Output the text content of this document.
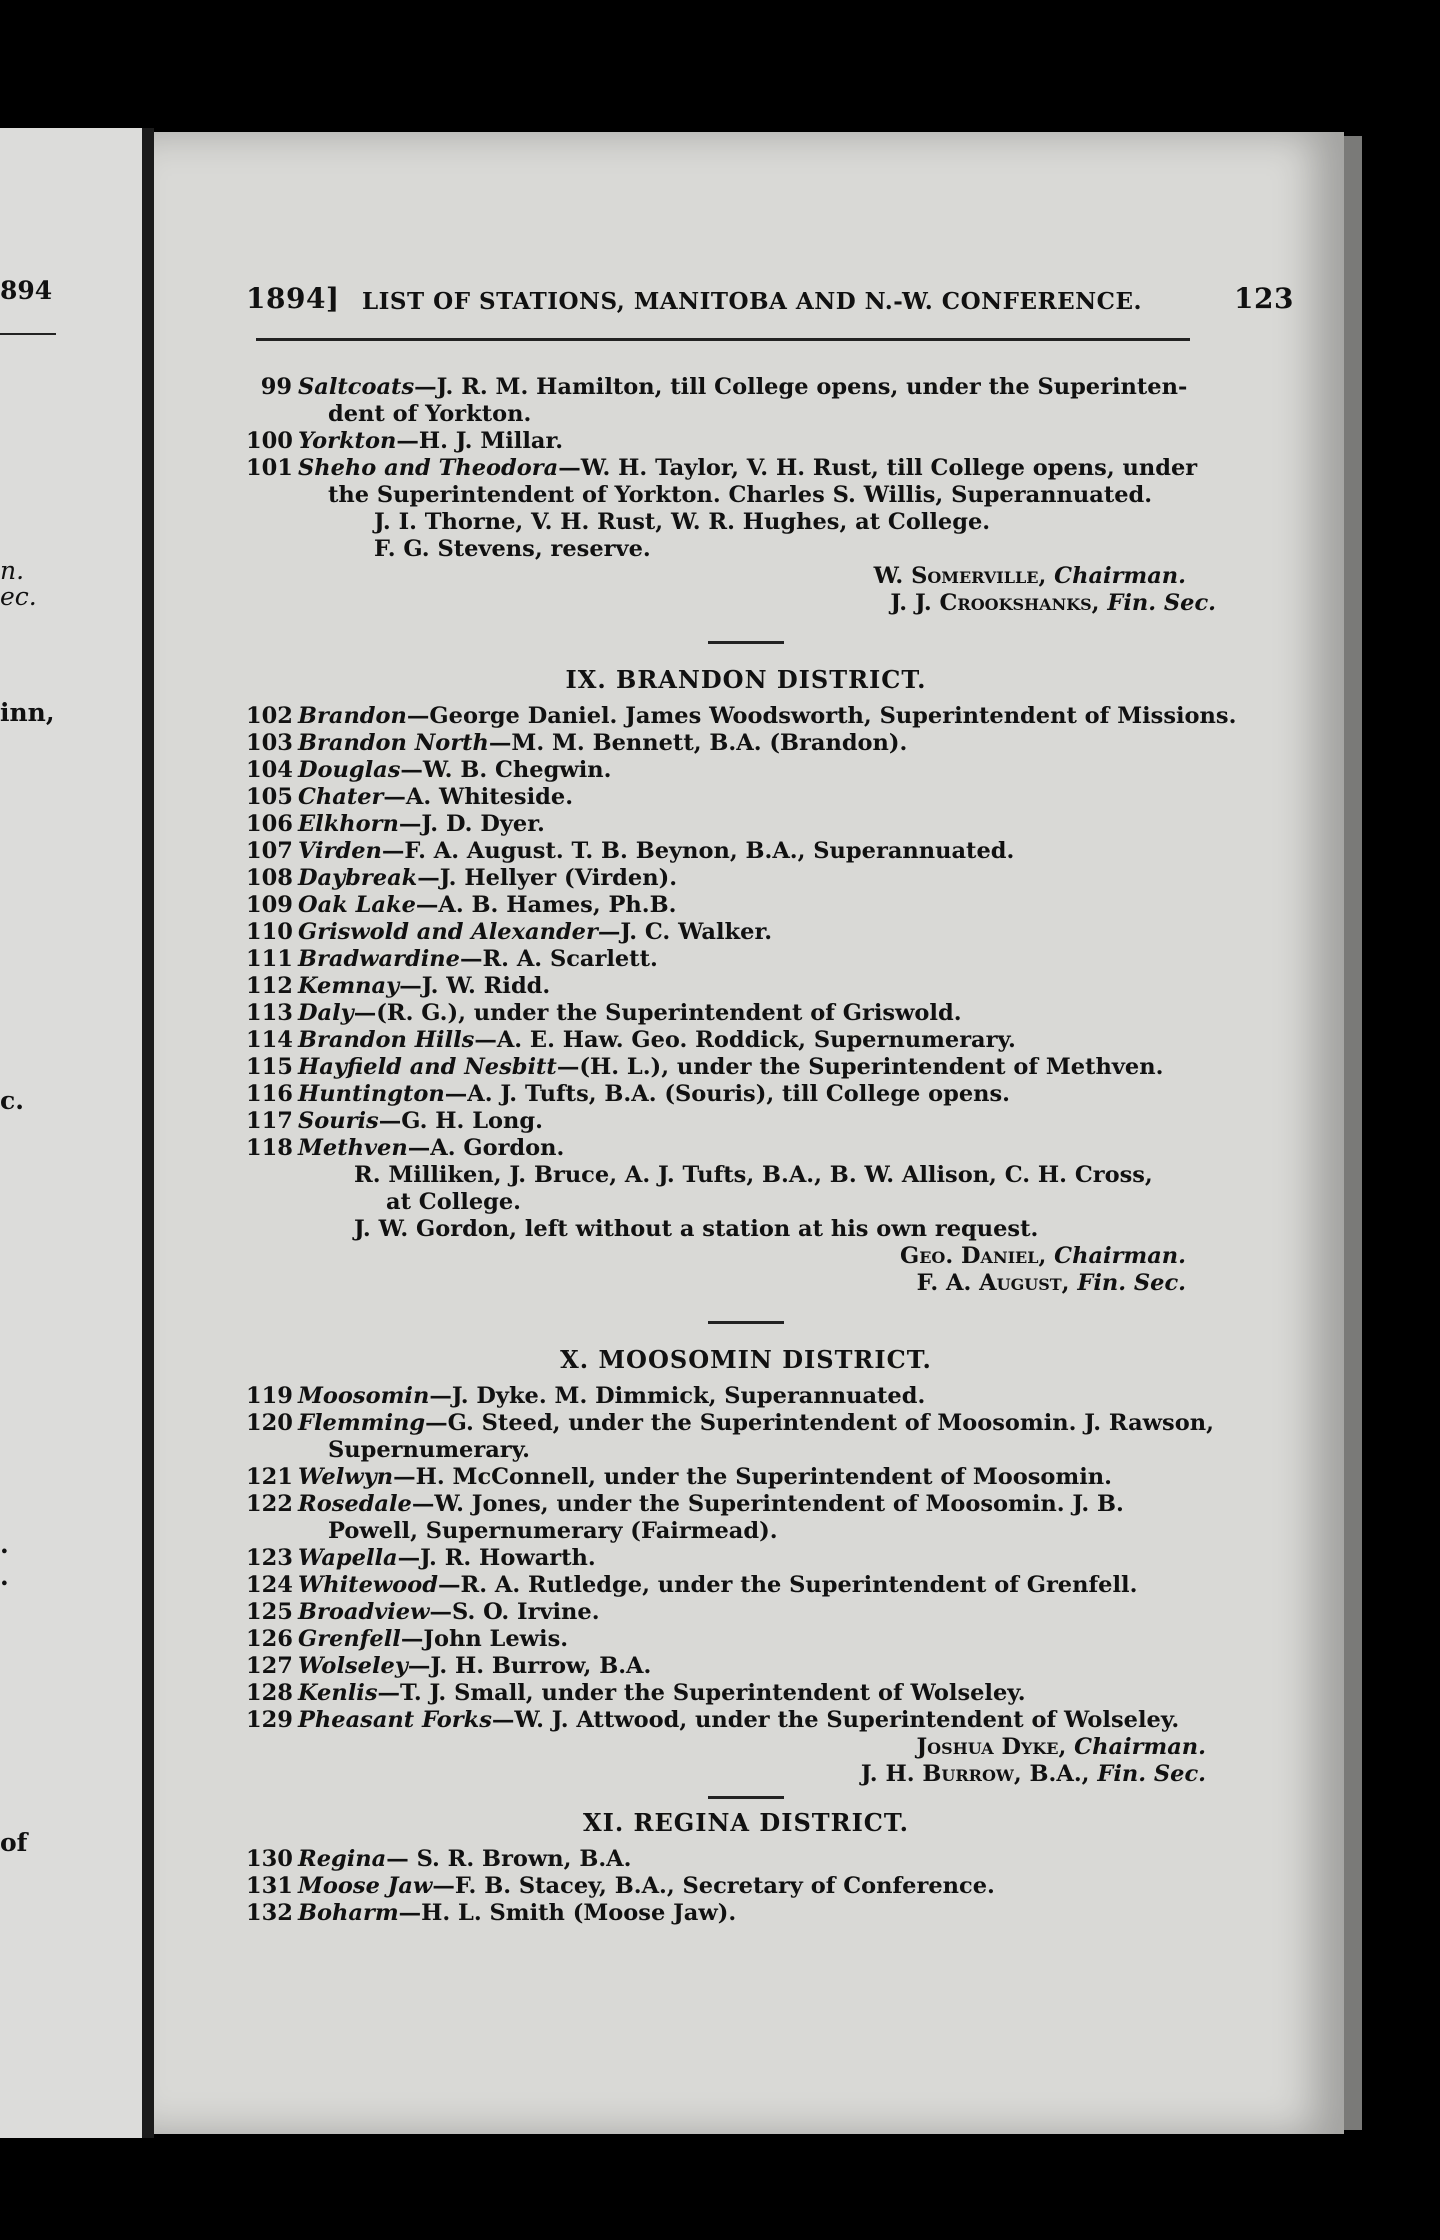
894
n.
ec.
inn,
c.
.
.
of
1894] LIST OF STATIONS, MANITOBA AND N.-W. CONFERENCE.	123
99 Saltcoats—J. R. M. Hamilton, till College opens, under the Superinten-
dent of Yorkton.
100 Yorkton—H. J. Millar.
101 Sheho and Theodora—W. H. Taylor, V. H. Rust, till College opens, under
the Superintendent of Yorkton. Charles S. Willis, Superannuated.
J. I. Thorne, V. H. Rust, W. R. Hughes, at College.
F. G. Stevens, reserve.
W. Somerville, Chairman.
J. J. Crookshanks, Fin. Sec.
IX. BRANDON DISTRICT.
102 Brandon—George Daniel. James Woodsworth, Superintendent of Missions.
103 Brandon North—M. M. Bennett, B.A. (Brandon).
104 Douglas—W. B. Chegwin.
105 Chater—A. Whiteside.
106 Elkhorn—J. D. Dyer.
107 Virden—F. A. August. T. B. Beynon, B.A., Superannuated.
108 Daybreak—J. Hellyer (Virden).
109 Oak Lake—A. B. Hames, Ph.B.
110 Griswold and Alexander—J. C. Walker.
111 Bradwardine—R. A. Scarlett.
112 Kemnay—J. W. Ridd.
113 Daly—(R. G.), under the Superintendent of Griswold.
114 Brandon Hills—A. E. Haw. Geo. Roddick, Supernumerary.
115 Hayfield and Nesbitt—(H. L.), under the Superintendent of Methven.
116 Huntington—A. J. Tufts, B.A. (Souris), till College opens.
117 Souris—G. H. Long.
118 Methven—A. Gordon.
R. Milliken, J. Bruce, A. J. Tufts, B.A., B. W. Allison, C. H. Cross,
at College.
J. W. Gordon, left without a station at his own request.
Geo. Daniel, Chairman.
F. A. August, Fin. Sec.
X. MOOSOMIN DISTRICT.
119 Moosomin—J. Dyke. M. Dimmick, Superannuated.
120 Flemming—G. Steed, under the Superintendent of Moosomin. J. Rawson,
Supernumerary.
121 Welwyn—H. McConnell, under the Superintendent of Moosomin.
122 Rosedale—W. Jones, under the Superintendent of Moosomin. J. B.
Powell, Supernumerary (Fairmead).
123 Wapella—J. R. Howarth.
124 Whitewood—R. A. Rutledge, under the Superintendent of Grenfell.
125 Broadview—S. O. Irvine.
126 Grenfell—John Lewis.
127 Wolseley—J. H. Burrow, B.A.
128 Kenlis—T. J. Small, under the Superintendent of Wolseley.
129 Pheasant Forks—W. J. Attwood, under the Superintendent of Wolseley.
Joshua Dyke, Chairman.
J. H. Burrow, B.A., Fin. Sec.
XI. REGINA DISTRICT.
130 Regina— S. R. Brown, B.A.
131 Moose Jaw—F. B. Stacey, B.A., Secretary of Conference.
132 Boharm—H. L. Smith (Moose Jaw).
